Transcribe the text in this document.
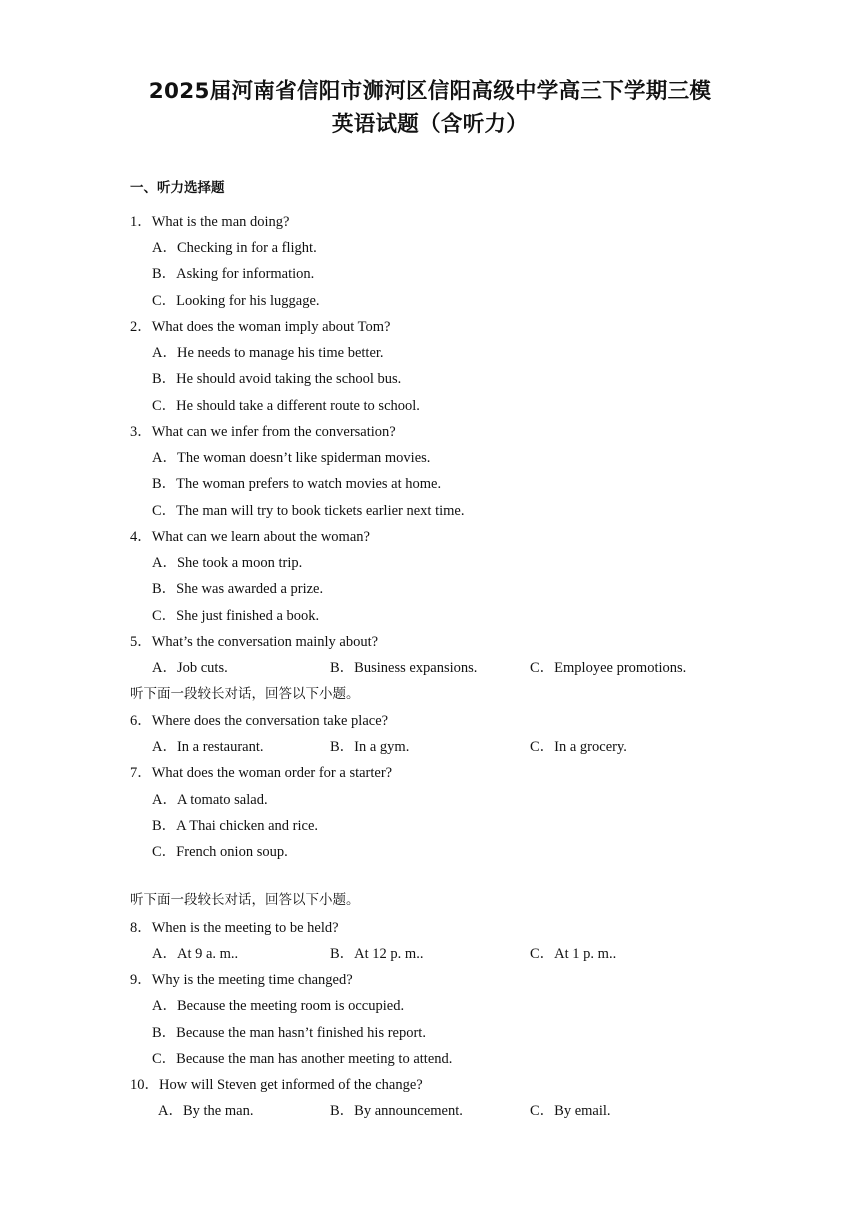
2025届河南省信阳市浉河区信阳高级中学高三下学期三模
英语试题（含听力）
一、听力选择题
1．What is the man doing?
A．Checking in for a flight.
B．Asking for information.
C．Looking for his luggage.
2．What does the woman imply about Tom?
A．He needs to manage his time better.
B．He should avoid taking the school bus.
C．He should take a different route to school.
3．What can we infer from the conversation?
A．The woman doesn’t like spiderman movies.
B．The woman prefers to watch movies at home.
C．The man will try to book tickets earlier next time.
4．What can we learn about the woman?
A．She took a moon trip.
B．She was awarded a prize.
C．She just finished a book.
5．What’s the conversation mainly about?
A．Job cuts.	B．Business expansions.	C．Employee promotions.
听下面一段较长对话，回答以下小题。
6．Where does the conversation take place?
A．In a restaurant.	B．In a gym.	C．In a grocery.
7．What does the woman order for a starter?
A．A tomato salad.
B．A Thai chicken and rice.
C．French onion soup.
听下面一段较长对话，回答以下小题。
8．When is the meeting to be held?
A．At 9 a. m..	B．At 12 p. m..	C．At 1 p. m..
9．Why is the meeting time changed?
A．Because the meeting room is occupied.
B．Because the man hasn’t finished his report.
C．Because the man has another meeting to attend.
10．How will Steven get informed of the change?
A．By the man.	B．By announcement.	C．By email.
